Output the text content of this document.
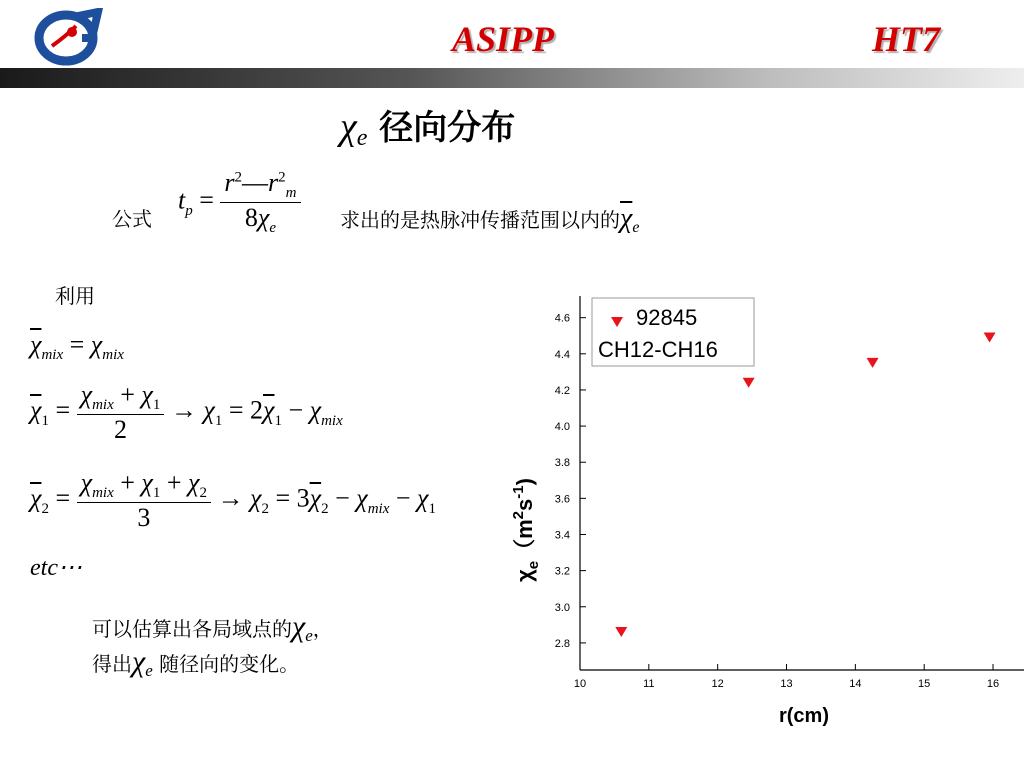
ASIPP	HT7
$\chi_e$ 径向分布
公式
$t_p = \frac{r^2—r^2_m}{8\chi_e}$ 求出的是热脉冲传播范围以内的$\overline{\chi}_e$
利用
$\overline{\chi}_{mix} = \chi_{mix}$
$\overline{\chi}_1 = \frac{\chi_{mix} + \chi_1}{2} \to \chi_1 = 2\overline{\chi}_1 - \chi_{mix}$
$\overline{\chi}_2 = \frac{\chi_{mix} + \chi_1 + \chi_2}{3} \to \chi_2 = 3\overline{\chi}_2 - \chi_{mix} - \chi_1$
etc⋯
可以估算出各局域点的$\chi_e$，
得出$\chi_e$ 随径向的变化。
2.8
3.0
3.2
3.4
3.6
3.8
4.0
4.2
4.4
4.6
10	11	12	13	14	15	16
r(cm)
$\chi_e(m^2s^{-1})$
92845
CH12-CH16
